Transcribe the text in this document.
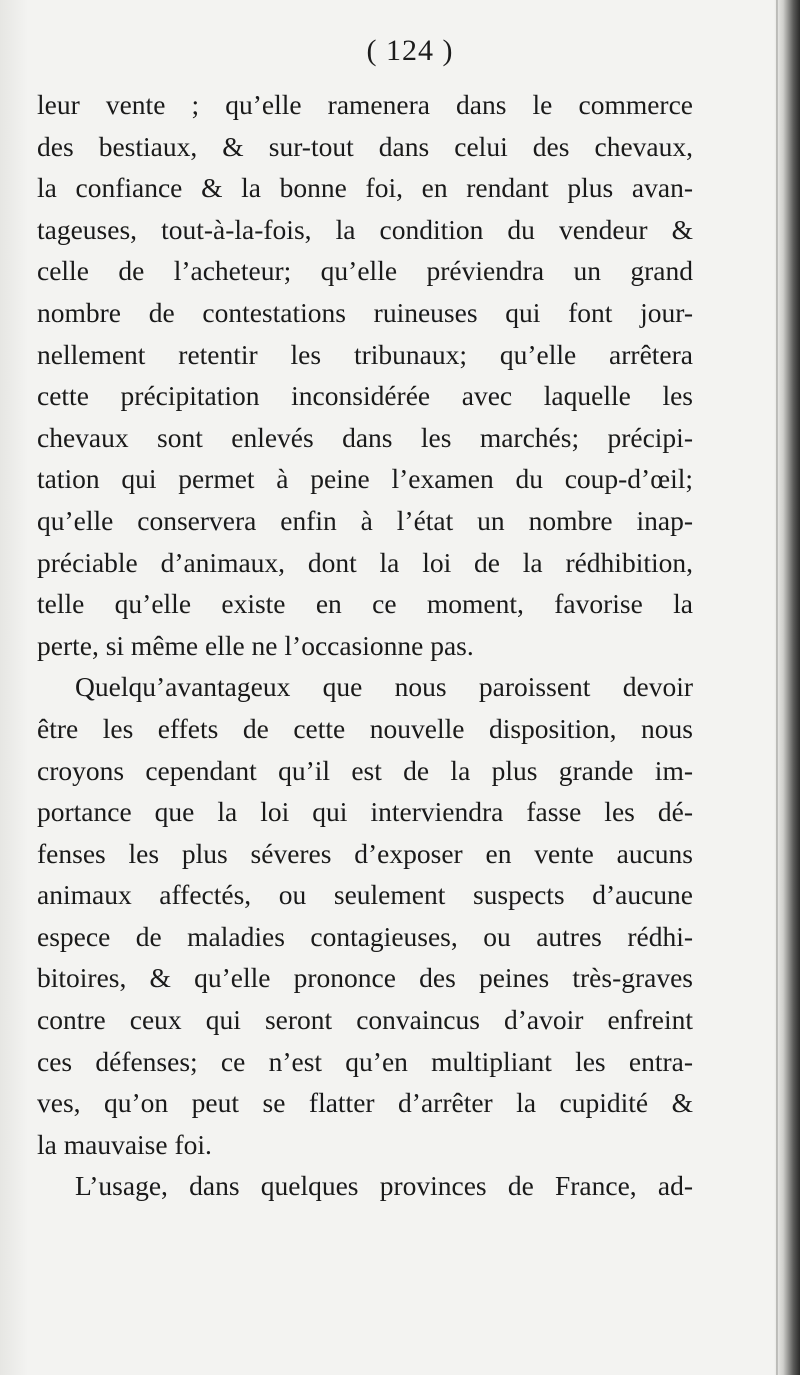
( 124 )
leur vente ; qu’elle ramenera dans le commerce
des bestiaux, & sur-tout dans celui des chevaux,
la confiance & la bonne foi, en rendant plus avan-
tageuses, tout-à-la-fois, la condition du vendeur &
celle de l’acheteur; qu’elle préviendra un grand
nombre de contestations ruineuses qui font jour-
nellement retentir les tribunaux; qu’elle arrêtera
cette précipitation inconsidérée avec laquelle les
chevaux sont enlevés dans les marchés; précipi-
tation qui permet à peine l’examen du coup-d’œil;
qu’elle conservera enfin à l’état un nombre inap-
préciable d’animaux, dont la loi de la rédhibition,
telle qu’elle existe en ce moment, favorise la
perte, si même elle ne l’occasionne pas.
Quelqu’avantageux que nous paroissent devoir
être les effets de cette nouvelle disposition, nous
croyons cependant qu’il est de la plus grande im-
portance que la loi qui interviendra fasse les dé-
fenses les plus séveres d’exposer en vente aucuns
animaux affectés, ou seulement suspects d’aucune
espece de maladies contagieuses, ou autres rédhi-
bitoires, & qu’elle prononce des peines très-graves
contre ceux qui seront convaincus d’avoir enfreint
ces défenses; ce n’est qu’en multipliant les entra-
ves, qu’on peut se flatter d’arrêter la cupidité &
la mauvaise foi.
L’usage, dans quelques provinces de France, ad-
